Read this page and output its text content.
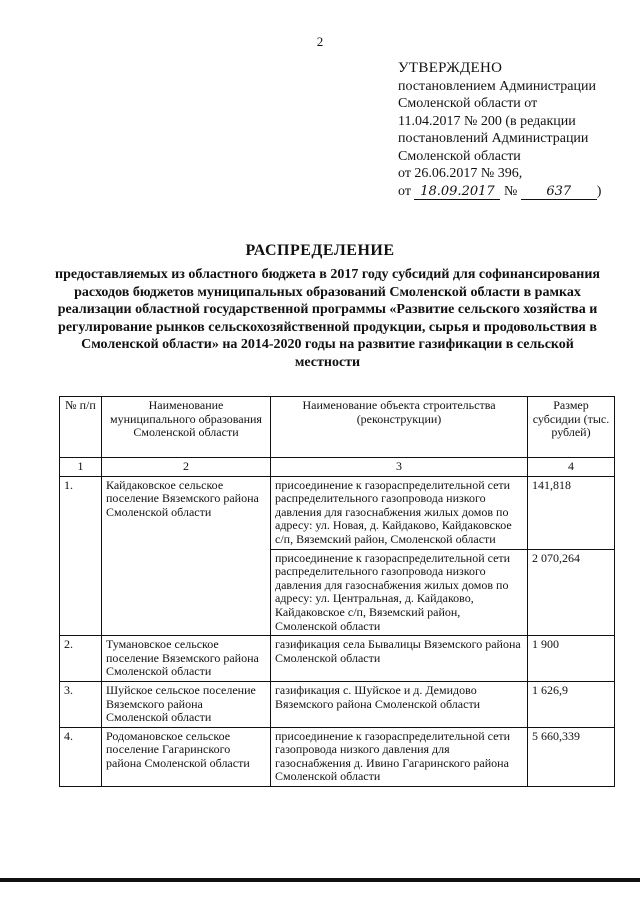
2
УТВЕРЖДЕНО
постановлением Администрации
Смоленской области от
11.04.2017 № 200 (в редакции
постановлений Администрации
Смоленской области
от 26.06.2017 № 396,
от 18.09.2017 № 637 )
РАСПРЕДЕЛЕНИЕ
предоставляемых из областного бюджета в 2017 году субсидий для софинансирования расходов бюджетов муниципальных образований Смоленской области в рамках реализации областной государственной программы «Развитие сельского хозяйства и регулирование рынков сельскохозяйственной продукции, сырья и продовольствия в Смоленской области» на 2014-2020 годы на развитие газификации в сельской местности
№ п/п	Наименование муниципального образования Смоленской области	Наименование объекта строительства (реконструкции)	Размер субсидии (тыс. рублей)
1	2	3	4
1.	Кайдаковское сельское поселение Вяземского района Смоленской области	присоединение к газораспределительной сети распределительного газопровода низкого давления для газоснабжения жилых домов по адресу: ул. Новая, д. Кайдаково, Кайдаковское с/п, Вяземский район, Смоленской области	141,818
		присоединение к газораспределительной сети распределительного газопровода низкого давления для газоснабжения жилых домов по адресу: ул. Центральная, д. Кайдаково, Кайдаковское с/п, Вяземский район, Смоленской области	2 070,264
2.	Тумановское сельское поселение Вяземского района Смоленской области	газификация села Бывалицы Вяземского района Смоленской области	1 900
3.	Шуйское сельское поселение Вяземского района Смоленской области	газификация с. Шуйское и д. Демидово Вяземского района Смоленской области	1 626,9
4.	Родомановское сельское поселение Гагаринского района Смоленской области	присоединение к газораспределительной сети газопровода низкого давления для газоснабжения д. Ивино Гагаринского района Смоленской области	5 660,339
